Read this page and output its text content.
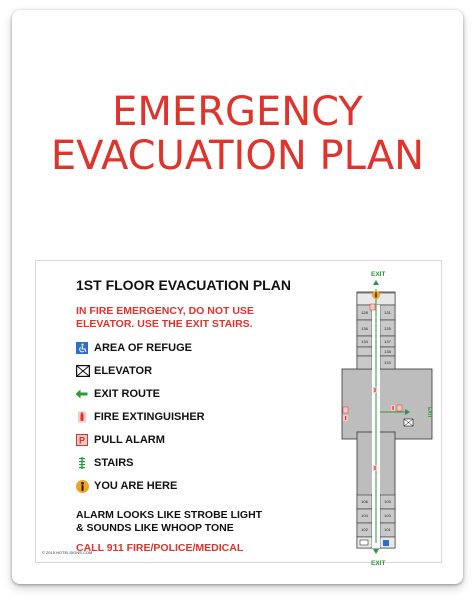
EMERGENCY
EVACUATION PLAN
1ST FLOOR EVACUATION PLAN
IN FIRE EMERGENCY, DO NOT USE
ELEVATOR. USE THE EXIT STAIRS.
AREA OF REFUGE
ELEVATOR
EXIT ROUTE
FIRE EXTINGUISHER
P PULL ALARM
STAIRS
YOU ARE HERE
ALARM LOOKS LIKE STROBE LIGHT
& SOUNDS LIKE WHOOP TONE
CALL 911 FIRE/POLICE/MEDICAL
© 2015 HOTELSIGNS.COM
EXIT
128	131
136	135
134	137
138
133
106	105
104	103
102	101
EXIT
EXIT
